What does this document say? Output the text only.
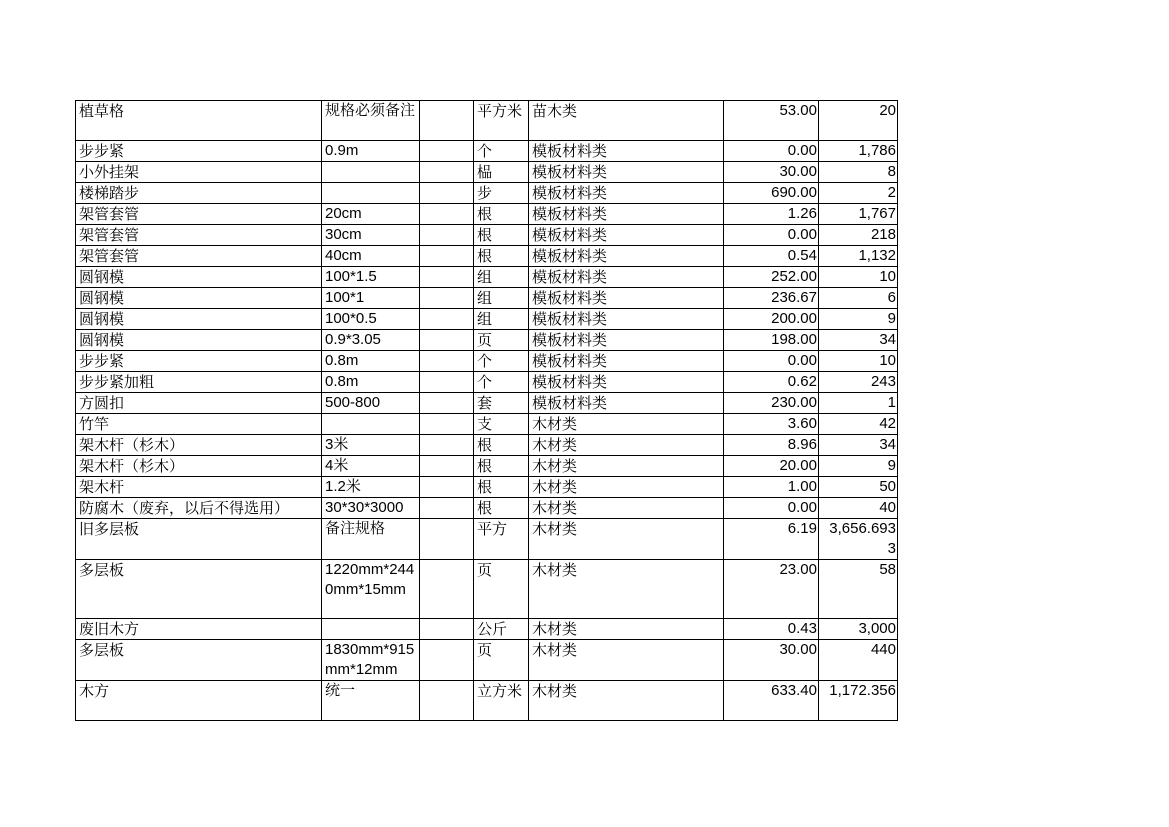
植草格	规格必须备注		平方米	苗木类	53.00	20
步步紧	0.9m		个	模板材料类	0.00	1,786
小外挂架			榀	模板材料类	30.00	8
楼梯踏步			步	模板材料类	690.00	2
架管套管	20cm		根	模板材料类	1.26	1,767
架管套管	30cm		根	模板材料类	0.00	218
架管套管	40cm		根	模板材料类	0.54	1,132
圆钢模	100*1.5		组	模板材料类	252.00	10
圆钢模	100*1		组	模板材料类	236.67	6
圆钢模	100*0.5		组	模板材料类	200.00	9
圆钢模	0.9*3.05		页	模板材料类	198.00	34
步步紧	0.8m		个	模板材料类	0.00	10
步步紧加粗	0.8m		个	模板材料类	0.62	243
方圆扣	500-800		套	模板材料类	230.00	1
竹竿			支	木材类	3.60	42
架木杆（杉木）	3米		根	木材类	8.96	34
架木杆（杉木）	4米		根	木材类	20.00	9
架木杆	1.2米		根	木材类	1.00	50
防腐木（废弃，以后不得选用）	30*30*3000		根	木材类	0.00	40
旧多层板	备注规格		平方	木材类	6.19	3,656.6933
多层板	1220mm*2440mm*15mm		页	木材类	23.00	58
废旧木方			公斤	木材类	0.43	3,000
多层板	1830mm*915mm*12mm		页	木材类	30.00	440
木方	统一		立方米	木材类	633.40	1,172.356
